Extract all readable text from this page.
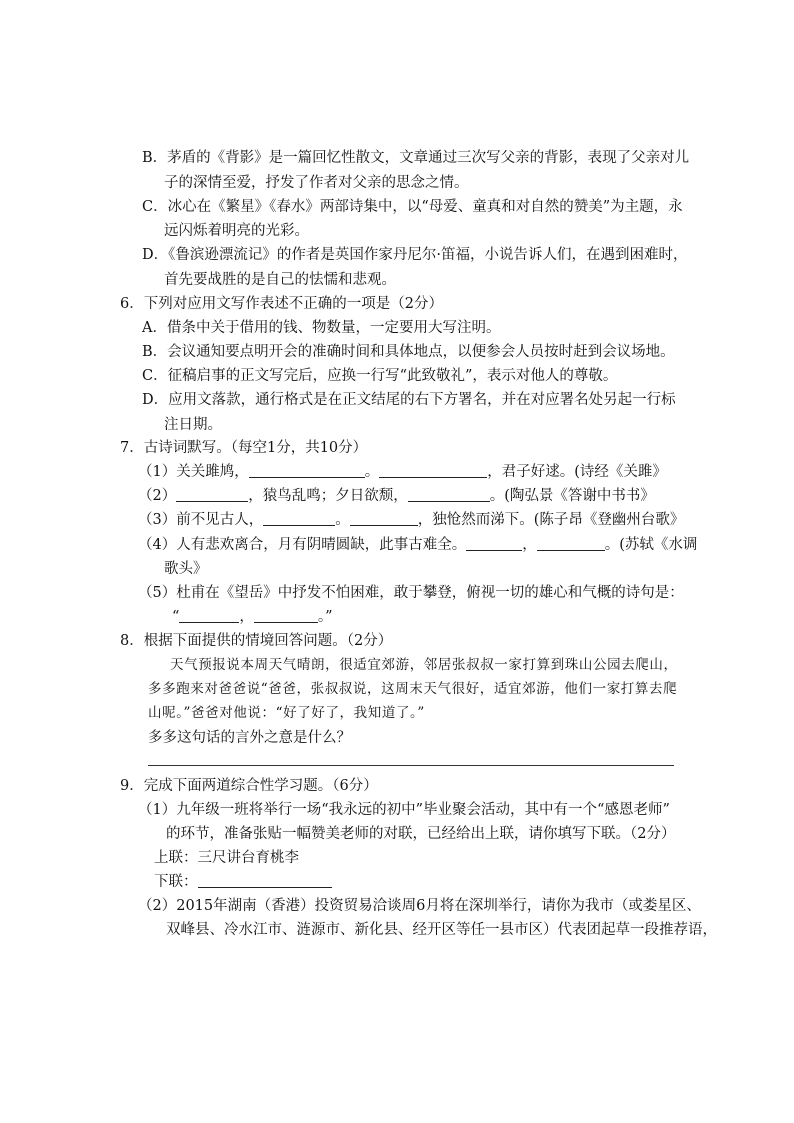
B．茅盾的《背影》是一篇回忆性散文，文章通过三次写父亲的背影，表现了父亲对儿
子的深情至爱，抒发了作者对父亲的思念之情。
C．冰心在《繁星》《春水》两部诗集中，以“母爱、童真和对自然的赞美”为主题，永
远闪烁着明亮的光彩。
D．《鲁滨逊漂流记》的作者是英国作家丹尼尔·笛福，小说告诉人们，在遇到困难时，
首先要战胜的是自己的怯懦和悲观。
6．下列对应用文写作表述不正确的一项是（2分）
A．借条中关于借用的钱、物数量，一定要用大写注明。
B．会议通知要点明开会的准确时间和具体地点，以便参会人员按时赶到会议场地。
C．征稿启事的正文写完后，应换一行写“此致敬礼”，表示对他人的尊敬。
D．应用文落款，通行格式是在正文结尾的右下方署名，并在对应署名处另起一行标
注日期。
7．古诗词默写。（每空1分，共10分）
（1）关关雎鸠，	。	，君子好逑。(诗经《关雎》
（2）	，猿鸟乱鸣；夕日欲颓，	。(陶弘景《答谢中书书》
（3）前不见古人，	。	，独怆然而涕下。(陈子昂《登幽州台歌》
（4）人有悲欢离合，月有阴晴圆缺，此事古难全。	，	。(苏轼《水调
歌头》
（5）杜甫在《望岳》中抒发不怕困难，敢于攀登，俯视一切的雄心和气概的诗句是：
“	，	。”
8．根据下面提供的情境回答问题。（2分）
天气预报说本周天气晴朗，很适宜郊游，邻居张叔叔一家打算到珠山公园去爬山，
多多跑来对爸爸说“爸爸，张叔叔说，这周末天气很好，适宜郊游，他们一家打算去爬
山呢。”爸爸对他说：“好了好了，我知道了。”
多多这句话的言外之意是什么？
9．完成下面两道综合性学习题。（6分）
（1）九年级一班将举行一场“我永远的初中”毕业聚会活动，其中有一个“感恩老师”
的环节，准备张贴一幅赞美老师的对联，已经给出上联，请你填写下联。（2分）
上联：三尺讲台育桃李
下联：
（2）2015年湖南（香港）投资贸易洽谈周6月将在深圳举行，请你为我市（或娄星区、
双峰县、冷水江市、涟源市、新化县、经开区等任一县市区）代表团起草一段推荐语，
